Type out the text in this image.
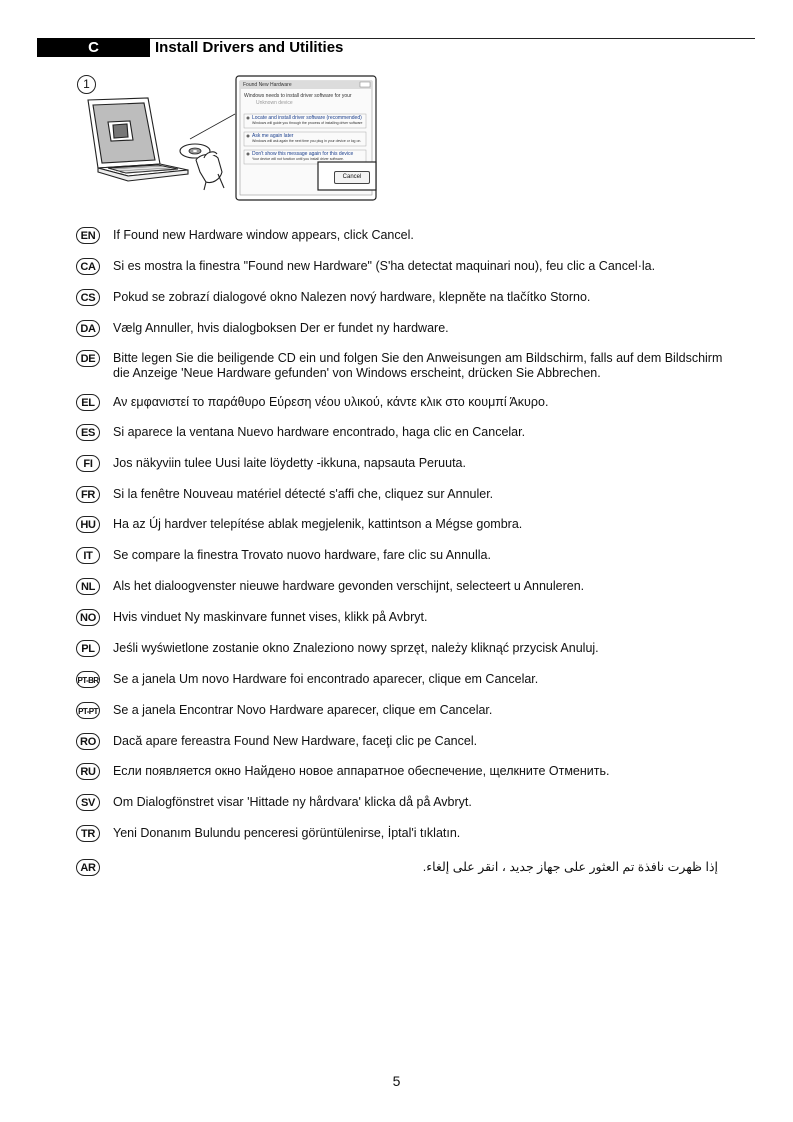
C	Install Drivers and Utilities
1	Found New Hardware
Windows needs to install driver software for your
Unknown device
Locate and install driver software (recommended)
Windows will guide you through the process of installing driver software
Ask me again later
Windows will ask again the next time you plug in your device or log on.
Don't show this message again for this device
Your device will not function until you install driver software.
Cancel
EN	If Found new Hardware window appears, click Cancel.
CA	Si es mostra la finestra "Found new Hardware" (S'ha detectat maquinari nou), feu clic a Cancel·la.
CS	Pokud se zobrazí dialogové okno Nalezen nový hardware, klepněte na tlačítko Storno.
DA	Vælg Annuller, hvis dialogboksen Der er fundet ny hardware.
DE	Bitte legen Sie die beiligende CD ein und folgen Sie den Anweisungen am Bildschirm, falls auf dem Bildschirm die Anzeige 'Neue Hardware gefunden' von Windows erscheint, drücken Sie Abbrechen.
EL	Αν εμφανιστεί το παράθυρο Εύρεση νέου υλικού, κάντε κλικ στο κουμπί Άκυρο.
ES	Si aparece la ventana Nuevo hardware encontrado, haga clic en Cancelar.
FI	Jos näkyviin tulee Uusi laite löydetty -ikkuna, napsauta Peruuta.
FR	Si la fenêtre Nouveau matériel détecté s'affi che, cliquez sur Annuler.
HU	Ha az Új hardver telepítése ablak megjelenik, kattintson a Mégse gombra.
IT	Se compare la finestra Trovato nuovo hardware, fare clic su Annulla.
NL	Als het dialoogvenster nieuwe hardware gevonden verschijnt, selecteert u Annuleren.
NO	Hvis vinduet Ny maskinvare funnet vises, klikk på Avbryt.
PL	Jeśli wyświetlone zostanie okno Znaleziono nowy sprzęt, należy kliknąć przycisk Anuluj.
PT-BR Se a janela Um novo Hardware foi encontrado aparecer, clique em Cancelar.
PT-PT Se a janela Encontrar Novo Hardware aparecer, clique em Cancelar.
RO	Dacă apare fereastra Found New Hardware, faceţi clic pe Cancel.
RU	Если появляется окно Найдено новое аппаратное обеспечение, щелкните Отменить.
SV	Om Dialogfönstret visar 'Hittade ny hårdvara' klicka då på Avbryt.
TR	Yeni Donanım Bulundu penceresi görüntülenirse, İptal'i tıklatın.
AR	إذا ظهرت نافذة تم العثور على جهاز جديد ، انقر على إلغاء.
5
